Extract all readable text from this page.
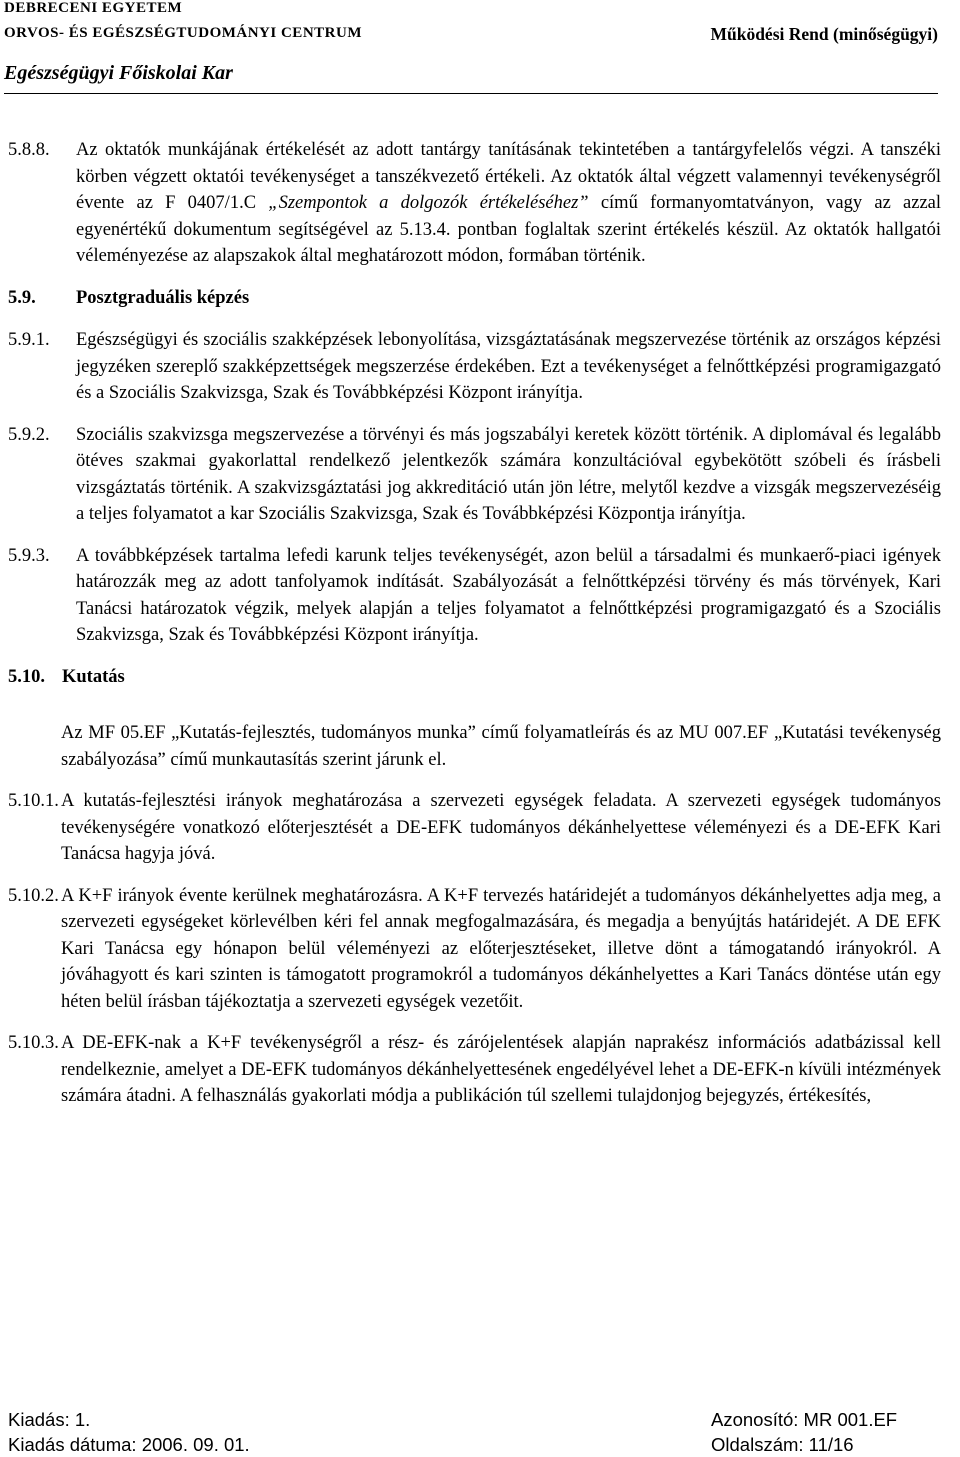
DEBRECENI EGYETEM
ORVOS- ÉS EGÉSZSÉGTUDOMÁNYI CENTRUM	Működési Rend (minőségügyi)
Egészségügyi Főiskolai Kar
5.8.8.	Az oktatók munkájának értékelését az adott tantárgy tanításának tekintetében a tantárgyfelelős végzi. A tanszéki körben végzett oktatói tevékenységet a tanszékvezető értékeli. Az oktatók által végzett valamennyi tevékenységről évente az F 0407/1.C „Szempontok a dolgozók értékeléséhez” című formanyomtatványon, vagy az azzal egyenértékű dokumentum segítségével az 5.13.4. pontban foglaltak szerint értékelés készül. Az oktatók hallgatói véleményezése az alapszakok által meghatározott módon, formában történik.
5.9.	Posztgraduális képzés
5.9.1.	Egészségügyi és szociális szakképzések lebonyolítása, vizsgáztatásának megszervezése történik az országos képzési jegyzéken szereplő szakképzettségek megszerzése érdekében. Ezt a tevékenységet a felnőttképzési programigazgató és a Szociális Szakvizsga, Szak és Továbbképzési Központ irányítja.
5.9.2.	Szociális szakvizsga megszervezése a törvényi és más jogszabályi keretek között történik. A diplomával és legalább ötéves szakmai gyakorlattal rendelkező jelentkezők számára konzultációval egybekötött szóbeli és írásbeli vizsgáztatás történik. A szakvizsgáztatási jog akkreditáció után jön létre, melytől kezdve a vizsgák megszervezéséig a teljes folyamatot a kar Szociális Szakvizsga, Szak és Továbbképzési Központja irányítja.
5.9.3.	A továbbképzések tartalma lefedi karunk teljes tevékenységét, azon belül a társadalmi és munkaerő-piaci igények határozzák meg az adott tanfolyamok indítását. Szabályozását a felnőttképzési törvény és más törvények, Kari Tanácsi határozatok végzik, melyek alapján a teljes folyamatot a felnőttképzési programigazgató és a Szociális Szakvizsga, Szak és Továbbképzési Központ irányítja.
5.10. Kutatás
Az MF 05.EF „Kutatás-fejlesztés, tudományos munka” című folyamatleírás és az MU 007.EF „Kutatási tevékenység szabályozása” című munkautasítás szerint járunk el.
5.10.1. A kutatás-fejlesztési irányok meghatározása a szervezeti egységek feladata. A szervezeti egységek tudományos tevékenységére vonatkozó előterjesztését a DE-EFK tudományos dékánhelyettese véleményezi és a DE-EFK Kari Tanácsa hagyja jóvá.
5.10.2. A K+F irányok évente kerülnek meghatározásra. A K+F tervezés határidejét a tudományos dékánhelyettes adja meg, a szervezeti egységeket körlevélben kéri fel annak megfogalmazására, és megadja a benyújtás határidejét. A DE EFK Kari Tanácsa egy hónapon belül véleményezi az előterjesztéseket, illetve dönt a támogatandó irányokról. A jóváhagyott és kari szinten is támogatott programokról a tudományos dékánhelyettes a Kari Tanács döntése után egy héten belül írásban tájékoztatja a szervezeti egységek vezetőit.
5.10.3. A DE-EFK-nak a K+F tevékenységről a rész- és zárójelentések alapján naprakész információs adatbázissal kell rendelkeznie, amelyet a DE-EFK tudományos dékánhelyettesének engedélyével lehet a DE-EFK-n kívüli intézmények számára átadni. A felhasználás gyakorlati módja a publikáción túl szellemi tulajdonjog bejegyzés, értékesítés,
Kiadás: 1.	Azonosító: MR 001.EF
Kiadás dátuma: 2006. 09. 01.	Oldalszám: 11/16
